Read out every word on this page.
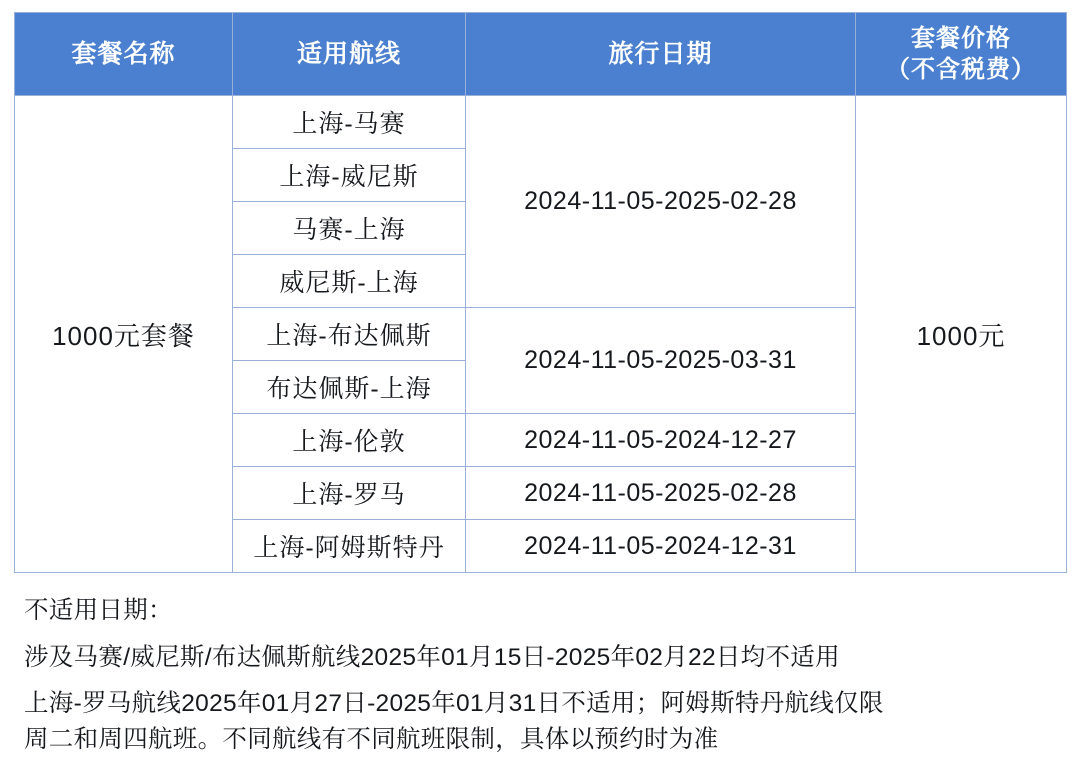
套餐名称	适用航线	旅行日期	套餐价格
（不含税费）

1000元套餐	上海-马赛	2024-11-05-2025-02-28	1000元
	上海-威尼斯		
	马赛-上海		
	威尼斯-上海		
	上海-布达佩斯	2024-11-05-2025-03-31	
	布达佩斯-上海		
	上海-伦敦	2024-11-05-2024-12-27	
	上海-罗马	2024-11-05-2025-02-28	
	上海-阿姆斯特丹	2024-11-05-2024-12-31	

不适用日期：

涉及马赛/威尼斯/布达佩斯航线2025年01月15日-2025年02月22日均不适用

上海-罗马航线2025年01月27日-2025年01月31日不适用；阿姆斯特丹航线仅限

周二和周四航班。不同航线有不同航班限制，具体以预约时为准
